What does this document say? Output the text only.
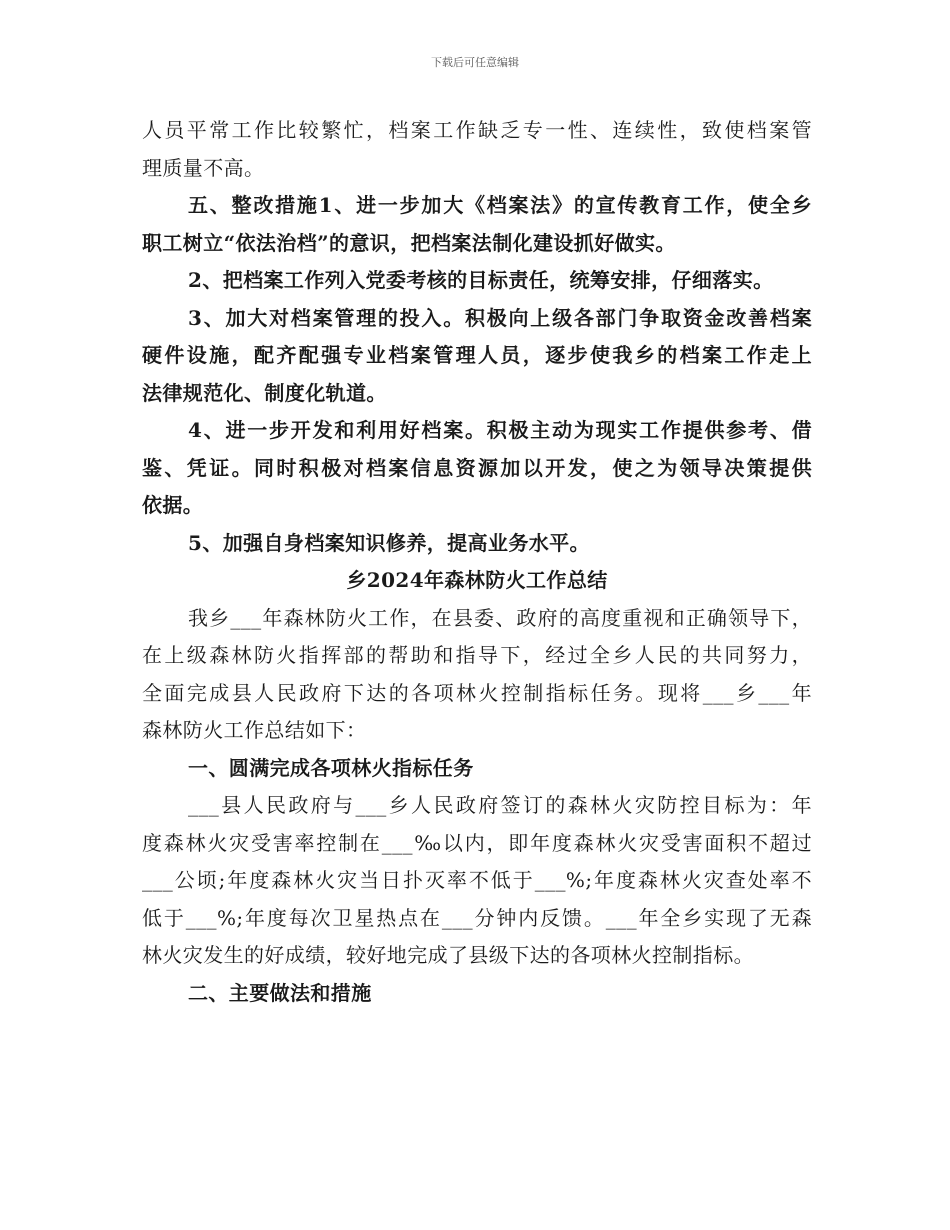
下载后可任意编辑
人员平常工作比较繁忙，档案工作缺乏专一性、连续性，致使档案管
理质量不高。
五、整改措施1、进一步加大《档案法》的宣传教育工作，使全乡
职工树立“依法治档”的意识，把档案法制化建设抓好做实。
2、把档案工作列入党委考核的目标责任，统筹安排，仔细落实。
3、加大对档案管理的投入。积极向上级各部门争取资金改善档案
硬件设施，配齐配强专业档案管理人员，逐步使我乡的档案工作走上
法律规范化、制度化轨道。
4、进一步开发和利用好档案。积极主动为现实工作提供参考、借
鉴、凭证。同时积极对档案信息资源加以开发，使之为领导决策提供
依据。
5、加强自身档案知识修养，提高业务水平。
乡2024年森林防火工作总结
我乡___年森林防火工作，在县委、政府的高度重视和正确领导下，
在上级森林防火指挥部的帮助和指导下，经过全乡人民的共同努力，
全面完成县人民政府下达的各项林火控制指标任务。现将___乡___年
森林防火工作总结如下：
一、圆满完成各项林火指标任务
___县人民政府与___乡人民政府签订的森林火灾防控目标为：年
度森林火灾受害率控制在___‰以内，即年度森林火灾受害面积不超过
___公顷;年度森林火灾当日扑灭率不低于___%;年度森林火灾查处率不
低于___%;年度每次卫星热点在___分钟内反馈。___年全乡实现了无森
林火灾发生的好成绩，较好地完成了县级下达的各项林火控制指标。
二、主要做法和措施
